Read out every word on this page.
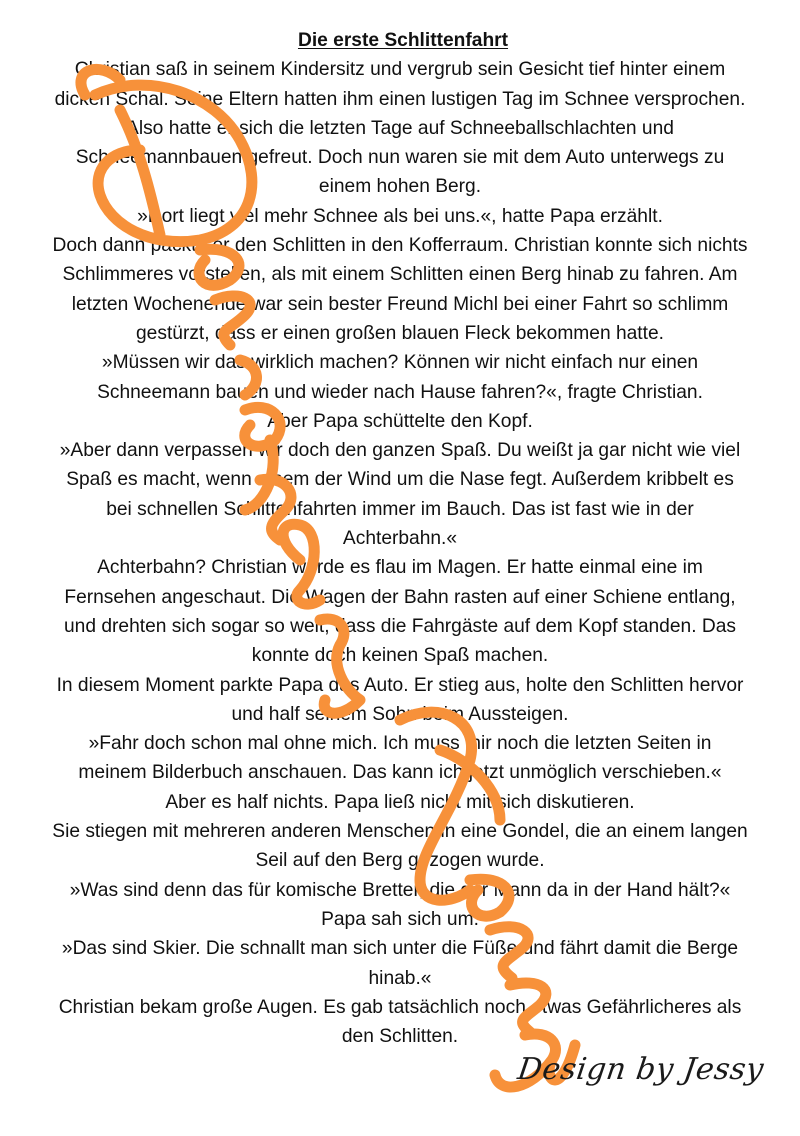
Die erste Schlittenfahrt

Christian saß in seinem Kindersitz und vergrub sein Gesicht tief hinter einem dicken Schal. Seine Eltern hatten ihm einen lustigen Tag im Schnee versprochen. Also hatte er sich die letzten Tage auf Schneeballschlachten und Schneemannbauen gefreut. Doch nun waren sie mit dem Auto unterwegs zu einem hohen Berg.

»Dort liegt viel mehr Schnee als bei uns.«, hatte Papa erzählt.

Doch dann packte er den Schlitten in den Kofferraum. Christian konnte sich nichts Schlimmeres vorstellen, als mit einem Schlitten einen Berg hinab zu fahren. Am letzten Wochenende war sein bester Freund Michl bei einer Fahrt so schlimm gestürzt, dass er einen großen blauen Fleck bekommen hatte.

»Müssen wir das wirklich machen? Können wir nicht einfach nur einen Schneemann bauen und wieder nach Hause fahren?«, fragte Christian.

Aber Papa schüttelte den Kopf.

»Aber dann verpassen wir doch den ganzen Spaß. Du weißt ja gar nicht wie viel Spaß es macht, wenn einem der Wind um die Nase fegt. Außerdem kribbelt es bei schnellen Schlittenfahrten immer im Bauch. Das ist fast wie in der Achterbahn.«

Achterbahn? Christian wurde es flau im Magen. Er hatte einmal eine im Fernsehen angeschaut. Die Wagen der Bahn rasten auf einer Schiene entlang, und drehten sich sogar so weit, dass die Fahrgäste auf dem Kopf standen. Das konnte doch keinen Spaß machen.

In diesem Moment parkte Papa das Auto. Er stieg aus, holte den Schlitten hervor und half seinem Sohn beim Aussteigen.

»Fahr doch schon mal ohne mich. Ich muss mir noch die letzten Seiten in meinem Bilderbuch anschauen. Das kann ich jetzt unmöglich verschieben.«

Aber es half nichts. Papa ließ nicht mit sich diskutieren.

Sie stiegen mit mehreren anderen Menschen in eine Gondel, die an einem langen Seil auf den Berg gezogen wurde.

»Was sind denn das für komische Bretter, die der Mann da in der Hand hält?«

Papa sah sich um.

»Das sind Skier. Die schnallt man sich unter die Füße und fährt damit die Berge hinab.«

Christian bekam große Augen. Es gab tatsächlich noch etwas Gefährlicheres als den Schlitten.

Design by Jessy
